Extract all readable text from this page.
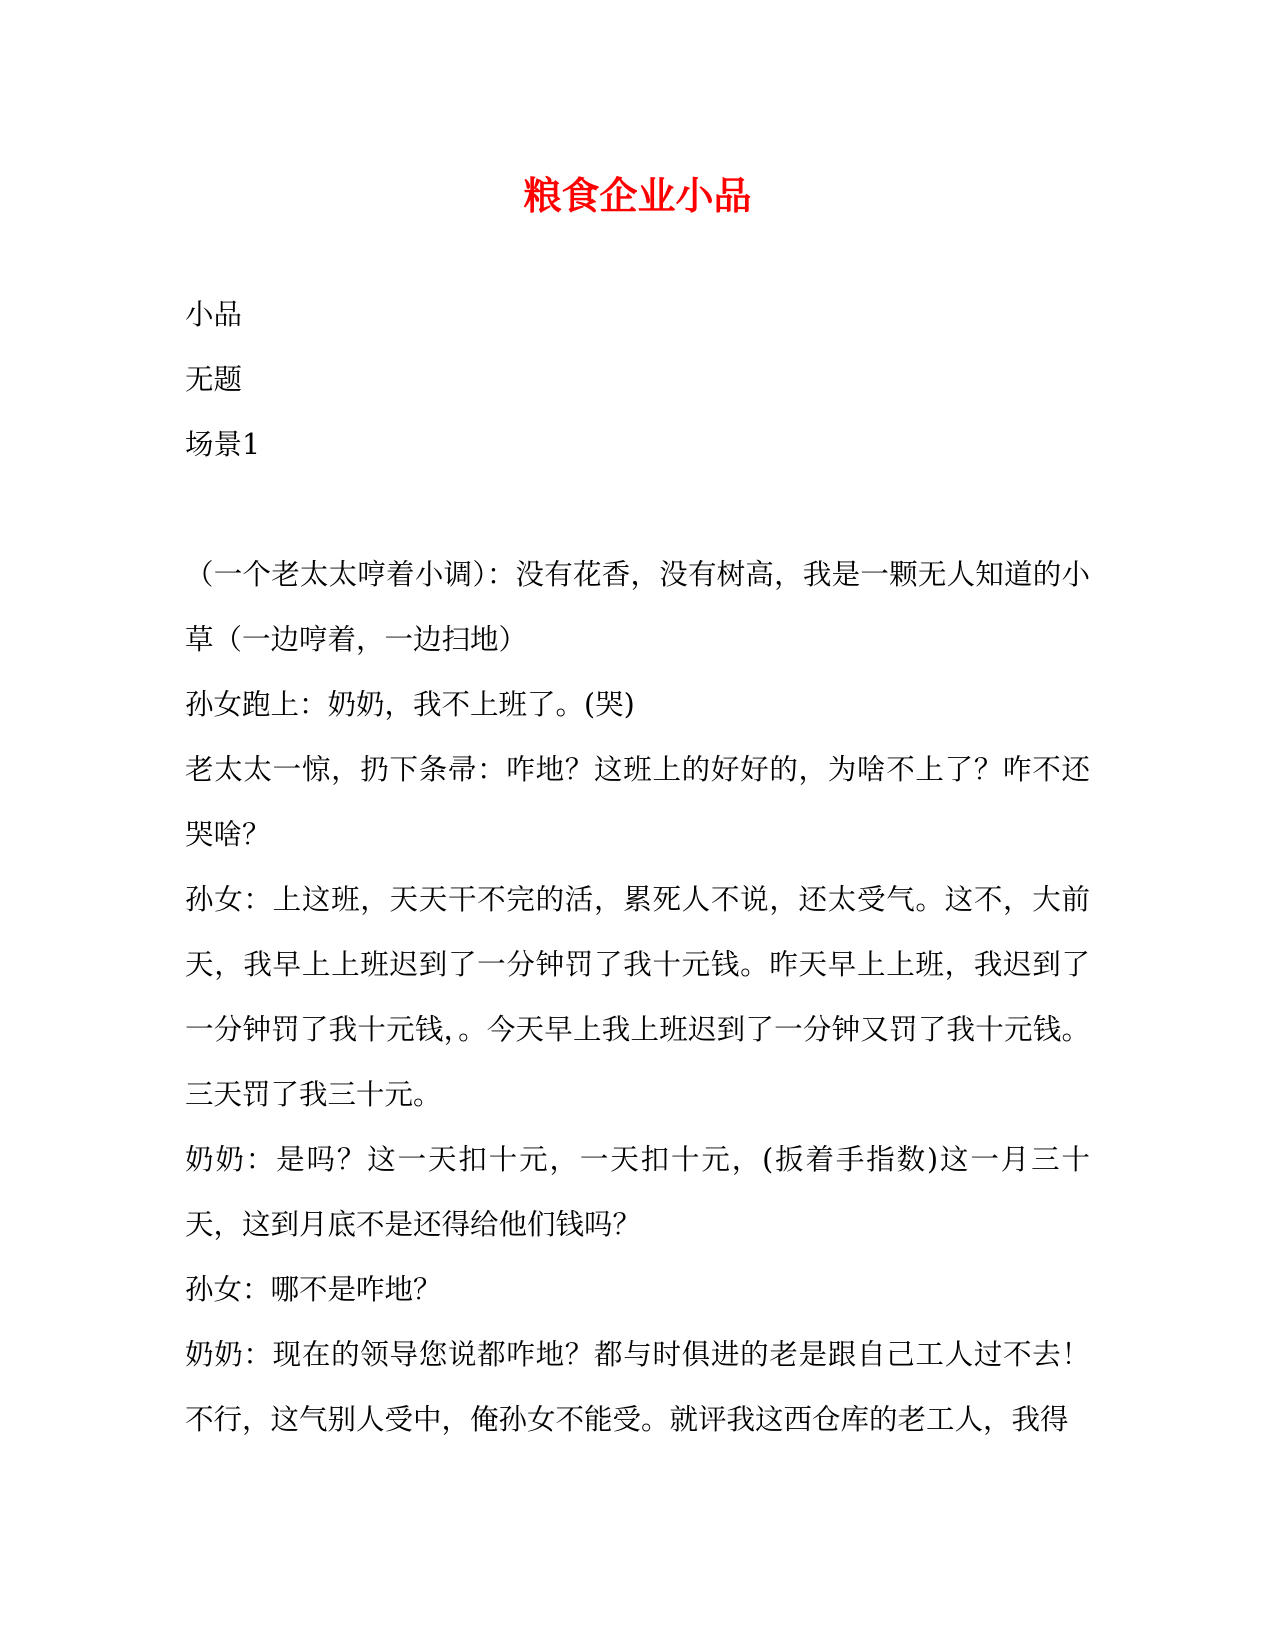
粮食企业小品

小品

无题

场景1

（一个老太太哼着小调）：没有花香，没有树高，我是一颗无人知道的小草（一边哼着，一边扫地）

孙女跑上：奶奶，我不上班了。(哭)

老太太一惊，扔下条帚：咋地？这班上的好好的，为啥不上了？咋不还哭啥？

孙女：上这班，天天干不完的活，累死人不说，还太受气。这不，大前天，我早上上班迟到了一分钟罚了我十元钱。昨天早上上班，我迟到了一分钟罚了我十元钱，。今天早上我上班迟到了一分钟又罚了我十元钱。三天罚了我三十元。

奶奶：是吗？这一天扣十元，一天扣十元，(扳着手指数)这一月三十天，这到月底不是还得给他们钱吗？

孙女：哪不是咋地？

奶奶：现在的领导您说都咋地？都与时俱进的老是跟自己工人过不去！不行，这气别人受中，俺孙女不能受。就评我这西仓库的老工人，我得
